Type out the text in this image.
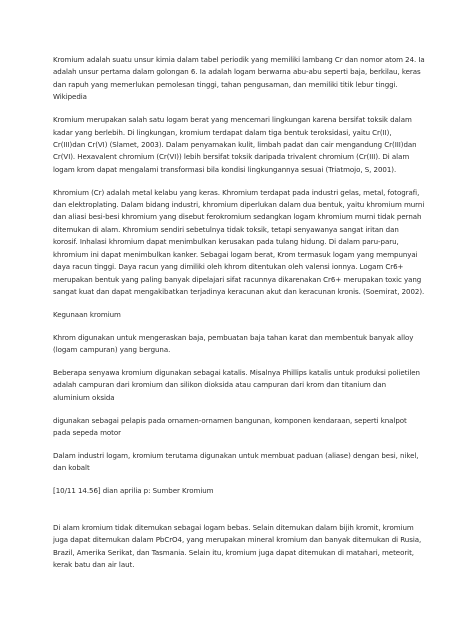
Kromium adalah suatu unsur kimia dalam tabel periodik yang memiliki lambang Cr dan nomor atom 24. Ia adalah unsur pertama dalam golongan 6. Ia adalah logam berwarna abu-abu seperti baja, berkilau, keras dan rapuh yang memerlukan pemolesan tinggi, tahan pengusaman, dan memiliki titik lebur tinggi. Wikipedia

Kromium merupakan salah satu logam berat yang mencemari lingkungan karena bersifat toksik dalam kadar yang berlebih. Di lingkungan, kromium terdapat dalam tiga bentuk teroksidasi, yaitu Cr(II), Cr(III)dan Cr(VI) (Slamet, 2003). Dalam penyamakan kulit, limbah padat dan cair mengandung Cr(III)dan Cr(VI). Hexavalent chromium (Cr(VI)) lebih bersifat toksik daripada trivalent chromium (Cr(III). Di alam logam krom dapat mengalami transformasi bila kondisi lingkungannya sesuai (Triatmojo, S, 2001).

Khromium (Cr) adalah metal kelabu yang keras. Khromium terdapat pada industri gelas, metal, fotografi, dan elektroplating. Dalam bidang industri, khromium diperlukan dalam dua bentuk, yaitu khromium murni dan aliasi besi-besi khromium yang disebut ferokromium sedangkan logam khromium murni tidak pernah ditemukan di alam. Khromium sendiri sebetulnya tidak toksik, tetapi senyawanya sangat iritan dan korosif. Inhalasi khromium dapat menimbulkan kerusakan pada tulang hidung. Di dalam paru-paru, khromium ini dapat menimbulkan kanker. Sebagai logam berat, Krom termasuk logam yang mempunyai daya racun tinggi. Daya racun yang dimiliki oleh khrom ditentukan oleh valensi ionnya. Logam Cr6+ merupakan bentuk yang paling banyak dipelajari sifat racunnya dikarenakan Cr6+ merupakan toxic yang sangat kuat dan dapat mengakibatkan terjadinya keracunan akut dan keracunan kronis. (Soemirat, 2002).

Kegunaan kromium

Khrom digunakan untuk mengeraskan baja, pembuatan baja tahan karat dan membentuk banyak alloy (logam campuran) yang berguna.

Beberapa senyawa kromium digunakan sebagai katalis. Misalnya Phillips katalis untuk produksi polietilen adalah campuran dari kromium dan silikon dioksida atau campuran dari krom dan titanium dan aluminium oksida

digunakan sebagai pelapis pada ornamen-ornamen bangunan, komponen kendaraan, seperti knalpot pada sepeda motor

Dalam industri logam, kromium terutama digunakan untuk membuat paduan (aliase) dengan besi, nikel, dan kobalt

[10/11 14.56] dian aprilia p: Sumber Kromium

Di alam kromium tidak ditemukan sebagai logam bebas. Selain ditemukan dalam bijih kromit, kromium juga dapat ditemukan dalam PbCrO4, yang merupakan mineral kromium dan banyak ditemukan di Rusia, Brazil, Amerika Serikat, dan Tasmania. Selain itu, kromium juga dapat ditemukan di matahari, meteorit, kerak batu dan air laut.
